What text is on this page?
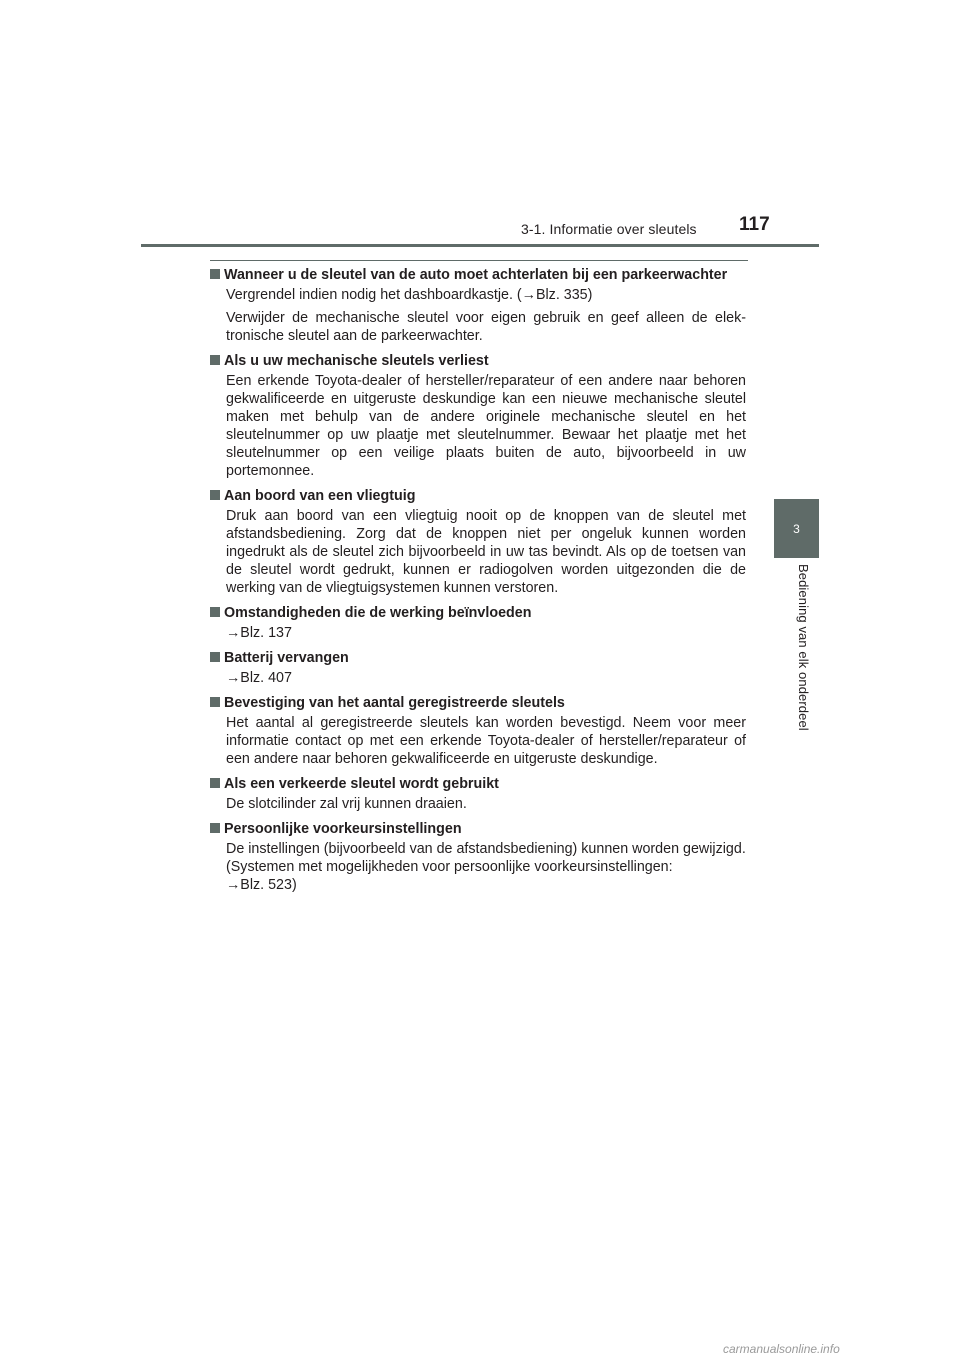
3-1. Informatie over sleutels 117
3
Bediening van elk onderdeel
Wanneer u de sleutel van de auto moet achterlaten bij een parkeerwachter
Vergrendel indien nodig het dashboardkastje. (→Blz. 335)
Verwijder de mechanische sleutel voor eigen gebruik en geef alleen de elektronische sleutel aan de parkeerwachter.
Als u uw mechanische sleutels verliest
Een erkende Toyota-dealer of hersteller/reparateur of een andere naar behoren gekwalificeerde en uitgeruste deskundige kan een nieuwe mechanische sleutel maken met behulp van de andere originele mechanische sleutel en het sleutelnummer op uw plaatje met sleutelnummer. Bewaar het plaatje met het sleutelnummer op een veilige plaats buiten de auto, bijvoorbeeld in uw portemonnee.
Aan boord van een vliegtuig
Druk aan boord van een vliegtuig nooit op de knoppen van de sleutel met afstandsbediening. Zorg dat de knoppen niet per ongeluk kunnen worden ingedrukt als de sleutel zich bijvoorbeeld in uw tas bevindt. Als op de toetsen van de sleutel wordt gedrukt, kunnen er radiogolven worden uitgezonden die de werking van de vliegtuigsystemen kunnen verstoren.
Omstandigheden die de werking beïnvloeden
→Blz. 137
Batterij vervangen
→Blz. 407
Bevestiging van het aantal geregistreerde sleutels
Het aantal al geregistreerde sleutels kan worden bevestigd. Neem voor meer informatie contact op met een erkende Toyota-dealer of hersteller/reparateur of een andere naar behoren gekwalificeerde en uitgeruste deskundige.
Als een verkeerde sleutel wordt gebruikt
De slotcilinder zal vrij kunnen draaien.
Persoonlijke voorkeursinstellingen
De instellingen (bijvoorbeeld van de afstandsbediening) kunnen worden gewijzigd.
(Systemen met mogelijkheden voor persoonlijke voorkeursinstellingen:
→Blz. 523)
carmanualsonline.info
